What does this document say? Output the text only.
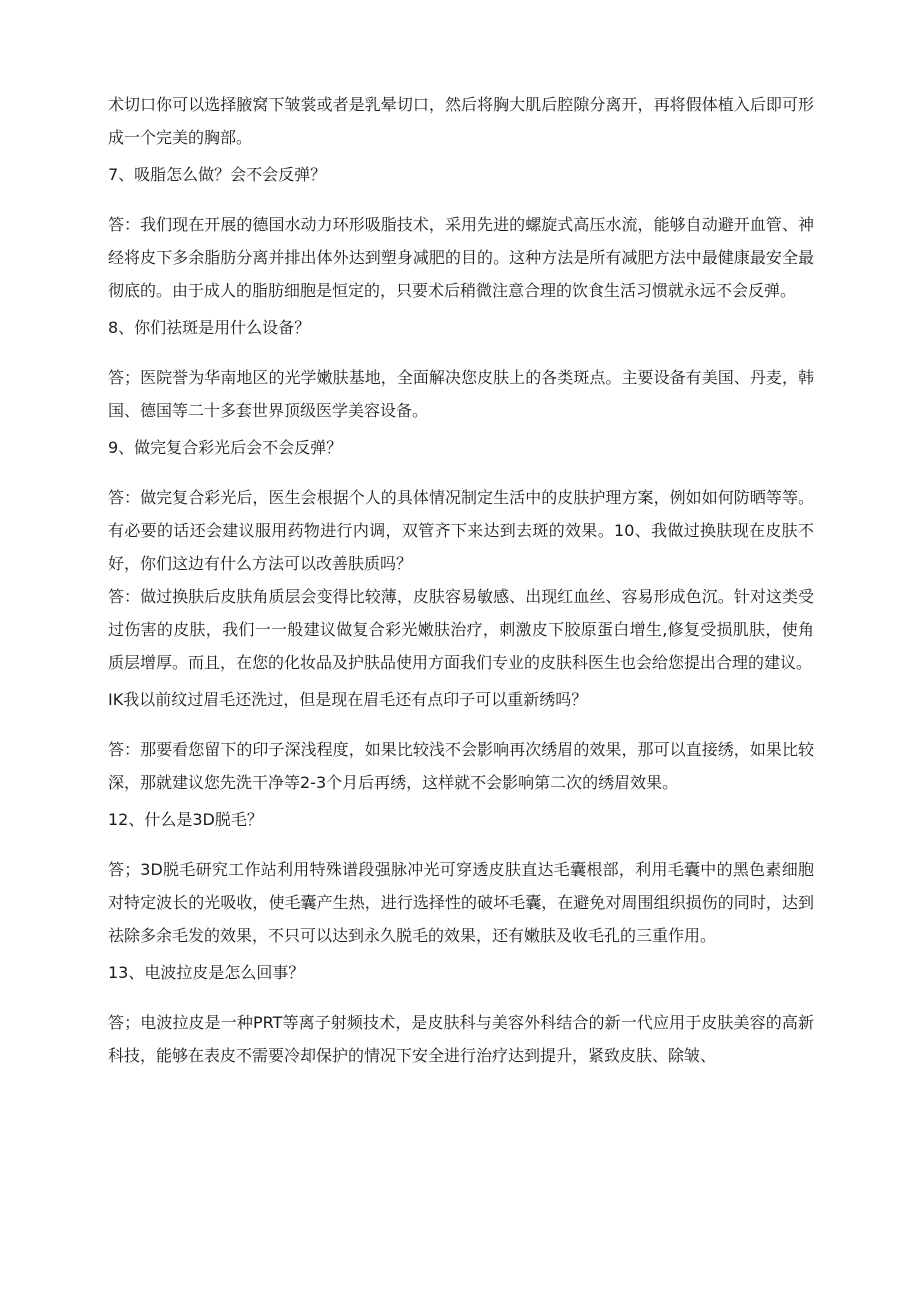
术切口你可以选择腋窝下皱裳或者是乳晕切口，然后将胸大肌后腔隙分离开，再将假体植入后即可形成一个完美的胸部。

7、吸脂怎么做？会不会反弹？

答：我们现在开展的德国水动力环形吸脂技术，采用先进的螺旋式高压水流，能够自动避开血管、神经将皮下多余脂肪分离并排出体外达到塑身减肥的目的。这种方法是所有减肥方法中最健康最安全最彻底的。由于成人的脂肪细胞是恒定的，只要术后稍微注意合理的饮食生活习惯就永远不会反弹。

8、你们祛斑是用什么设备？

答；医院誉为华南地区的光学嫩肤基地，全面解决您皮肤上的各类斑点。主要设备有美国、丹麦，韩国、德国等二十多套世界顶级医学美容设备。

9、做完复合彩光后会不会反弹？

答：做完复合彩光后，医生会根据个人的具体情况制定生活中的皮肤护理方案，例如如何防晒等等。有必要的话还会建议服用药物进行内调，双管齐下来达到去斑的效果。10、我做过换肤现在皮肤不好，你们这边有什么方法可以改善肤质吗？

答：做过换肤后皮肤角质层会变得比较薄，皮肤容易敏感、出现红血丝、容易形成色沉。针对这类受过伤害的皮肤，我们一一般建议做复合彩光嫩肤治疗，刺激皮下胶原蛋白增生,修复受损肌肤，使角质层增厚。而且，在您的化妆品及护肤品使用方面我们专业的皮肤科医生也会给您提出合理的建议。

IK我以前纹过眉毛还洗过，但是现在眉毛还有点印子可以重新绣吗？

答：那要看您留下的印子深浅程度，如果比较浅不会影响再次绣眉的效果，那可以直接绣，如果比较深，那就建议您先洗干净等2-3个月后再绣，这样就不会影响第二次的绣眉效果。

12、什么是3D脱毛？

答；3D脱毛研究工作站利用特殊谱段强脉冲光可穿透皮肤直达毛囊根部，利用毛囊中的黑色素细胞对特定波长的光吸收，使毛囊产生热，进行选择性的破坏毛囊，在避免对周围组织损伤的同时，达到祛除多余毛发的效果，不只可以达到永久脱毛的效果，还有嫩肤及收毛孔的三重作用。

13、电波拉皮是怎么回事？

答；电波拉皮是一种PRT等离子射频技术，是皮肤科与美容外科结合的新一代应用于皮肤美容的高新科技，能够在表皮不需要冷却保护的情况下安全进行治疗达到提升，紧致皮肤、除皱、
